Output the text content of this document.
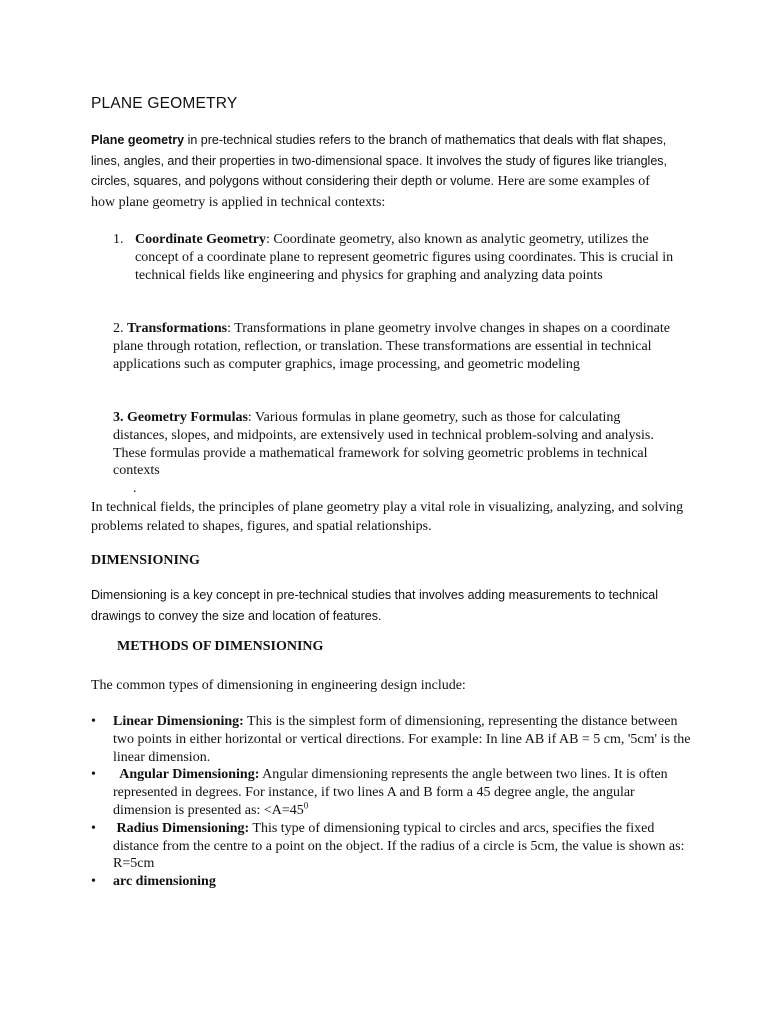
PLANE GEOMETRY
Plane geometry in pre-technical studies refers to the branch of mathematics that deals with flat shapes,
lines, angles, and their properties in two-dimensional space. It involves the study of figures like triangles,
circles, squares, and polygons without considering their depth or volume. Here are some examples of
how plane geometry is applied in technical contexts:
1. Coordinate Geometry: Coordinate geometry, also known as analytic geometry, utilizes the concept of a coordinate plane to represent geometric figures using coordinates. This is crucial in technical fields like engineering and physics for graphing and analyzing data points
2. Transformations: Transformations in plane geometry involve changes in shapes on a coordinate plane through rotation, reflection, or translation. These transformations are essential in technical applications such as computer graphics, image processing, and geometric modeling
3. Geometry Formulas: Various formulas in plane geometry, such as those for calculating distances, slopes, and midpoints, are extensively used in technical problem-solving and analysis. These formulas provide a mathematical framework for solving geometric problems in technical contexts
.
In technical fields, the principles of plane geometry play a vital role in visualizing, analyzing, and solving problems related to shapes, figures, and spatial relationships.
DIMENSIONING
Dimensioning is a key concept in pre-technical studies that involves adding measurements to technical
drawings to convey the size and location of features.
METHODS OF DIMENSIONING
The common types of dimensioning in engineering design include:
•	Linear Dimensioning: This is the simplest form of dimensioning, representing the distance between two points in either horizontal or vertical directions. For example: In line AB if AB = 5 cm, '5cm' is the linear dimension.
•	Angular Dimensioning: Angular dimensioning represents the angle between two lines. It is often represented in degrees. For instance, if two lines A and B form a 45 degree angle, the angular dimension is presented as: $<A=45^0$
•	Radius Dimensioning: This type of dimensioning typical to circles and arcs, specifies the fixed distance from the centre to a point on the object. If the radius of a circle is 5cm, the value is shown as: R=5cm
•	arc dimensioning
